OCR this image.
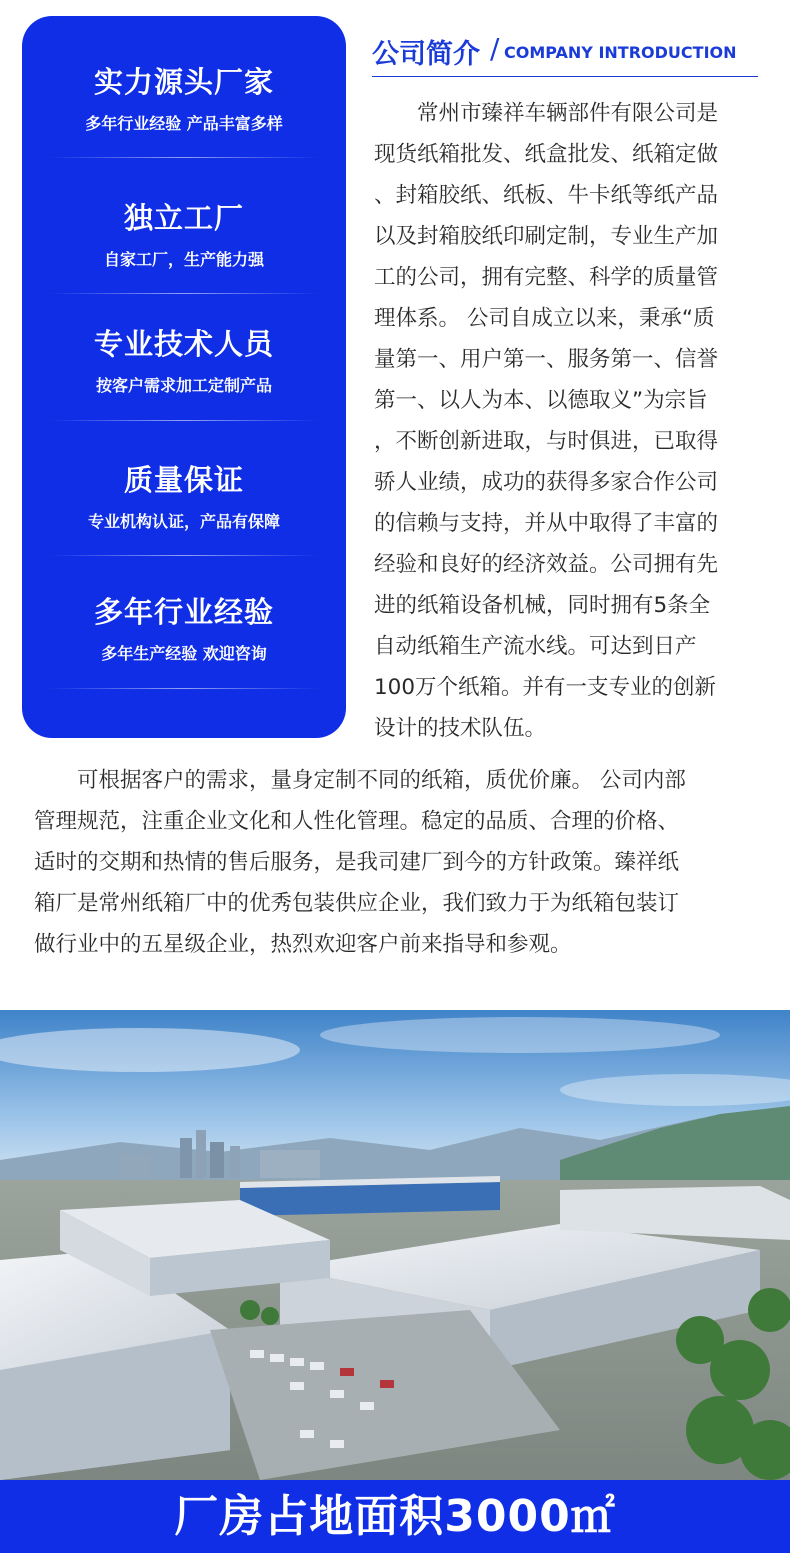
实力源头厂家
多年行业经验 产品丰富多样
独立工厂
自家工厂，生产能力强
专业技术人员
按客户需求加工定制产品
质量保证
专业机构认证，产品有保障
多年行业经验
多年生产经验 欢迎咨询
公司简介 / COMPANY INTRODUCTION
常州市臻祥车辆部件有限公司是
现货纸箱批发、纸盒批发、纸箱定做
、封箱胶纸、纸板、牛卡纸等纸产品
以及封箱胶纸印刷定制，专业生产加
工的公司，拥有完整、科学的质量管
理体系。 公司自成立以来，秉承“质
量第一、用户第一、服务第一、信誉
第一、以人为本、以德取义”为宗旨
，不断创新进取，与时俱进，已取得
骄人业绩，成功的获得多家合作公司
的信赖与支持，并从中取得了丰富的
经验和良好的经济效益。公司拥有先
进的纸箱设备机械，同时拥有5条全
自动纸箱生产流水线。可达到日产
100万个纸箱。并有一支专业的创新
设计的技术队伍。
　　可根据客户的需求，量身定制不同的纸箱，质优价廉。 公司内部
管理规范，注重企业文化和人性化管理。稳定的品质、合理的价格、
适时的交期和热情的售后服务，是我司建厂到今的方针政策。臻祥纸
箱厂是常州纸箱厂中的优秀包装供应企业，我们致力于为纸箱包装订
做行业中的五星级企业，热烈欢迎客户前来指导和参观。
厂房占地面积3000㎡
